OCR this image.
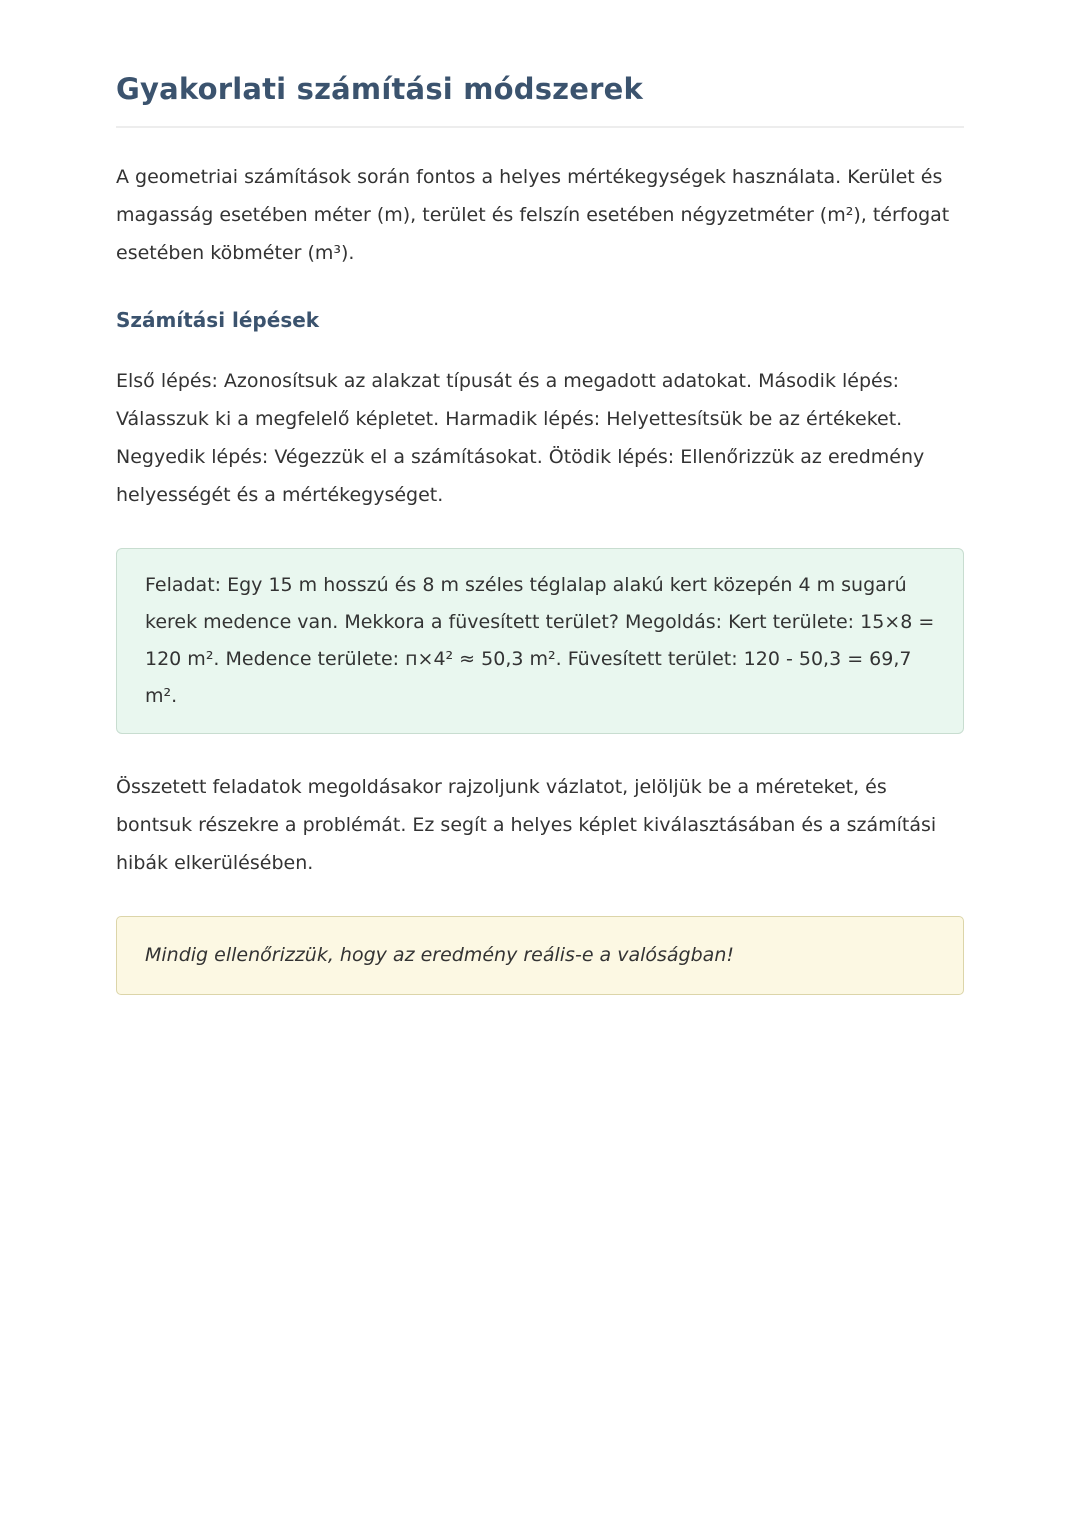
Gyakorlati számítási módszerek

A geometriai számítások során fontos a helyes mértékegységek használata. Kerület és magasság esetében méter (m), terület és felszín esetében négyzetméter (m²), térfogat esetében köbméter (m³).

Számítási lépések

Első lépés: Azonosítsuk az alakzat típusát és a megadott adatokat. Második lépés: Válasszuk ki a megfelelő képletet. Harmadik lépés: Helyettesítsük be az értékeket. Negyedik lépés: Végezzük el a számításokat. Ötödik lépés: Ellenőrizzük az eredmény helyességét és a mértékegységet.

Feladat: Egy 15 m hosszú és 8 m széles téglalap alakú kert közepén 4 m sugarú kerek medence van. Mekkora a füvesített terület? Megoldás: Kert területe: 15×8 = 120 m². Medence területe: п×4² ≈ 50,3 m². Füvesített terület: 120 - 50,3 = 69,7 m².

Összetett feladatok megoldásakor rajzoljunk vázlatot, jelöljük be a méreteket, és bontsuk részekre a problémát. Ez segít a helyes képlet kiválasztásában és a számítási hibák elkerülésében.

Mindig ellenőrizzük, hogy az eredmény reális-e a valóságban!
